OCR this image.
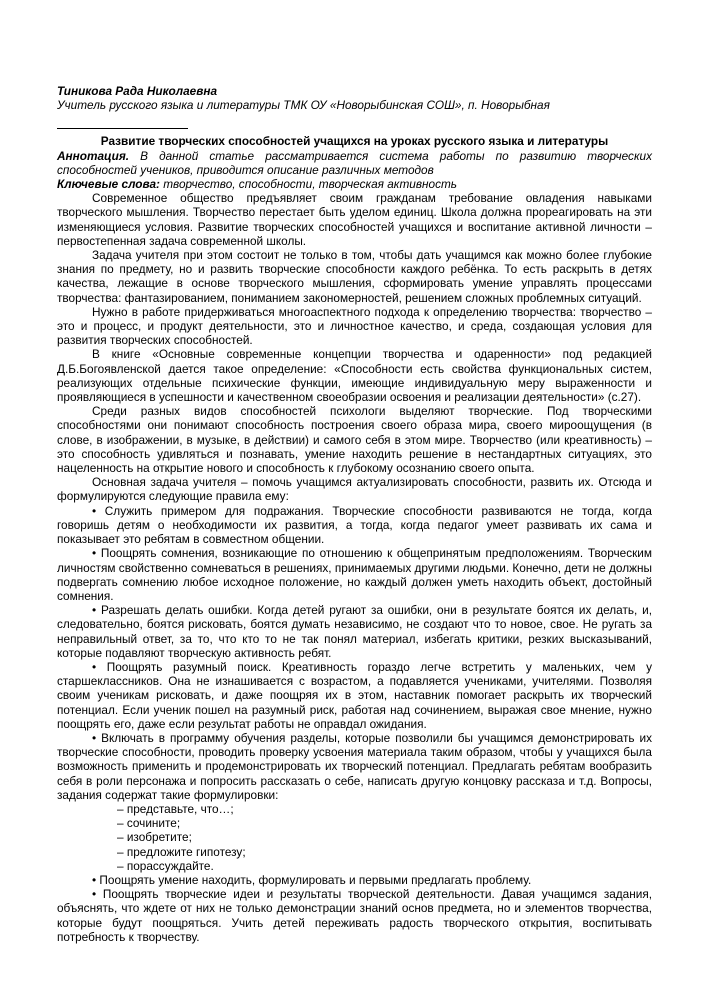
Тиникова Рада Николаевна

Учитель русского языка и литературы ТМК ОУ «Новорыбинская СОШ», п. Новорыбная

Развитие творческих способностей учащихся на уроках русского языка и литературы

Аннотация. В данной статье рассматривается система работы по развитию творческих способностей учеников, приводится описание различных методов

Ключевые слова: творчество, способности, творческая активность

Современное общество предъявляет своим гражданам требование овладения навыками творческого мышления. Творчество перестает быть уделом единиц. Школа должна прореагировать на эти изменяющиеся условия. Развитие творческих способностей учащихся и воспитание активной личности – первостепенная задача современной школы.

Задача учителя при этом состоит не только в том, чтобы дать учащимся как можно более глубокие знания по предмету, но и развить творческие способности каждого ребёнка. То есть раскрыть в детях качества, лежащие в основе творческого мышления, сформировать умение управлять процессами творчества: фантазированием, пониманием закономерностей, решением сложных проблемных ситуаций.

Нужно в работе придерживаться многоаспектного подхода к определению творчества: творчество – это и процесс, и продукт деятельности, это и личностное качество, и среда, создающая условия для развития творческих способностей.

В книге «Основные современные концепции творчества и одаренности» под редакцией Д.Б.Богоявленской дается такое определение: «Способности есть свойства функциональных систем, реализующих отдельные психические функции, имеющие индивидуальную меру выраженности и проявляющиеся в успешности и качественном своеобразии освоения и реализации деятельности» (с.27).

Среди разных видов способностей психологи выделяют творческие. Под творческими способностями они понимают способность построения своего образа мира, своего мироощущения (в слове, в изображении, в музыке, в действии) и самого себя в этом мире. Творчество (или креативность) – это способность удивляться и познавать, умение находить решение в нестандартных ситуациях, это нацеленность на открытие нового и способность к глубокому осознанию своего опыта.

Основная задача учителя – помочь учащимся актуализировать способности, развить их. Отсюда и формулируются следующие правила ему:

• Служить примером для подражания. Творческие способности развиваются не тогда, когда говоришь детям о необходимости их развития, а тогда, когда педагог умеет развивать их сама и показывает это ребятам в совместном общении.

• Поощрять сомнения, возникающие по отношению к общепринятым предположениям. Творческим личностям свойственно сомневаться в решениях, принимаемых другими людьми. Конечно, дети не должны подвергать сомнению любое исходное положение, но каждый должен уметь находить объект, достойный сомнения.

• Разрешать делать ошибки. Когда детей ругают за ошибки, они в результате боятся их делать, и, следовательно, боятся рисковать, боятся думать независимо, не создают что то новое, свое. Не ругать за неправильный ответ, за то, что кто то не так понял материал, избегать критики, резких высказываний, которые подавляют творческую активность ребят.

• Поощрять разумный поиск. Креативность гораздо легче встретить у маленьких, чем у старшеклассников. Она не изнашивается с возрастом, а подавляется учениками, учителями. Позволяя своим ученикам рисковать, и даже поощряя их в этом, наставник помогает раскрыть их творческий потенциал. Если ученик пошел на разумный риск, работая над сочинением, выражая свое мнение, нужно поощрять его, даже если результат работы не оправдал ожидания.

• Включать в программу обучения разделы, которые позволили бы учащимся демонстрировать их творческие способности, проводить проверку усвоения материала таким образом, чтобы у учащихся была возможность применить и продемонстрировать их творческий потенциал. Предлагать ребятам вообразить себя в роли персонажа и попросить рассказать о себе, написать другую концовку рассказа и т.д. Вопросы, задания содержат такие формулировки:

– представьте, что…;

– сочините;

– изобретите;

– предложите гипотезу;

– порассуждайте.

• Поощрять умение находить, формулировать и первыми предлагать проблему.

• Поощрять творческие идеи и результаты творческой деятельности. Давая учащимся задания, объяснять, что ждете от них не только демонстрации знаний основ предмета, но и элементов творчества, которые будут поощряться. Учить детей переживать радость творческого открытия, воспитывать потребность к творчеству.
